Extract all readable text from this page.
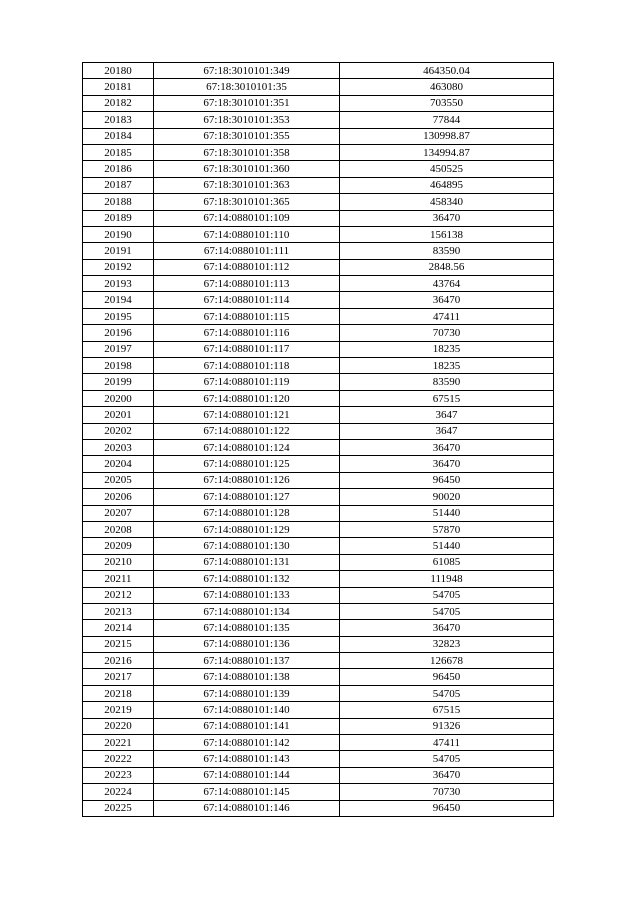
20180	67:18:3010101:349	464350.04
20181	67:18:3010101:35	463080
20182	67:18:3010101:351	703550
20183	67:18:3010101:353	77844
20184	67:18:3010101:355	130998.87
20185	67:18:3010101:358	134994.87
20186	67:18:3010101:360	450525
20187	67:18:3010101:363	464895
20188	67:18:3010101:365	458340
20189	67:14:0880101:109	36470
20190	67:14:0880101:110	156138
20191	67:14:0880101:111	83590
20192	67:14:0880101:112	2848.56
20193	67:14:0880101:113	43764
20194	67:14:0880101:114	36470
20195	67:14:0880101:115	47411
20196	67:14:0880101:116	70730
20197	67:14:0880101:117	18235
20198	67:14:0880101:118	18235
20199	67:14:0880101:119	83590
20200	67:14:0880101:120	67515
20201	67:14:0880101:121	3647
20202	67:14:0880101:122	3647
20203	67:14:0880101:124	36470
20204	67:14:0880101:125	36470
20205	67:14:0880101:126	96450
20206	67:14:0880101:127	90020
20207	67:14:0880101:128	51440
20208	67:14:0880101:129	57870
20209	67:14:0880101:130	51440
20210	67:14:0880101:131	61085
20211	67:14:0880101:132	111948
20212	67:14:0880101:133	54705
20213	67:14:0880101:134	54705
20214	67:14:0880101:135	36470
20215	67:14:0880101:136	32823
20216	67:14:0880101:137	126678
20217	67:14:0880101:138	96450
20218	67:14:0880101:139	54705
20219	67:14:0880101:140	67515
20220	67:14:0880101:141	91326
20221	67:14:0880101:142	47411
20222	67:14:0880101:143	54705
20223	67:14:0880101:144	36470
20224	67:14:0880101:145	70730
20225	67:14:0880101:146	96450
